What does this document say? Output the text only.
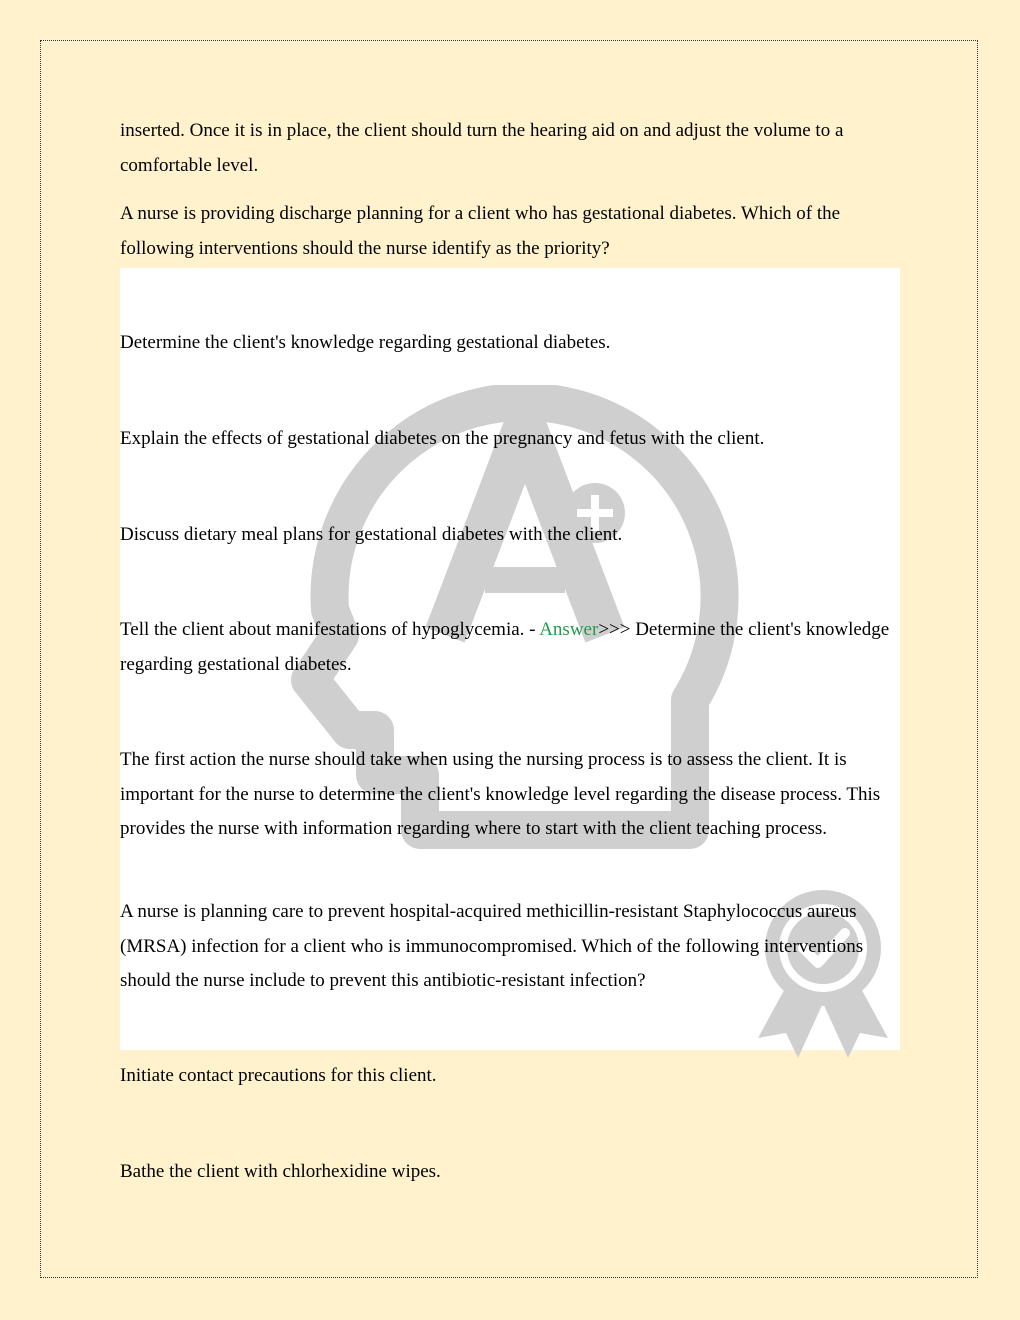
inserted. Once it is in place, the client should turn the hearing aid on and adjust the volume to a comfortable level.

A nurse is providing discharge planning for a client who has gestational diabetes. Which of the following interventions should the nurse identify as the priority?

Determine the client's knowledge regarding gestational diabetes.

Explain the effects of gestational diabetes on the pregnancy and fetus with the client.

Discuss dietary meal plans for gestational diabetes with the client.

Tell the client about manifestations of hypoglycemia. - Answer>>> Determine the client's knowledge regarding gestational diabetes.

The first action the nurse should take when using the nursing process is to assess the client. It is important for the nurse to determine the client's knowledge level regarding the disease process. This provides the nurse with information regarding where to start with the client teaching process.

A nurse is planning care to prevent hospital-acquired methicillin-resistant Staphylococcus aureus (MRSA) infection for a client who is immunocompromised. Which of the following interventions should the nurse include to prevent this antibiotic-resistant infection?

Initiate contact precautions for this client.

Bathe the client with chlorhexidine wipes.
